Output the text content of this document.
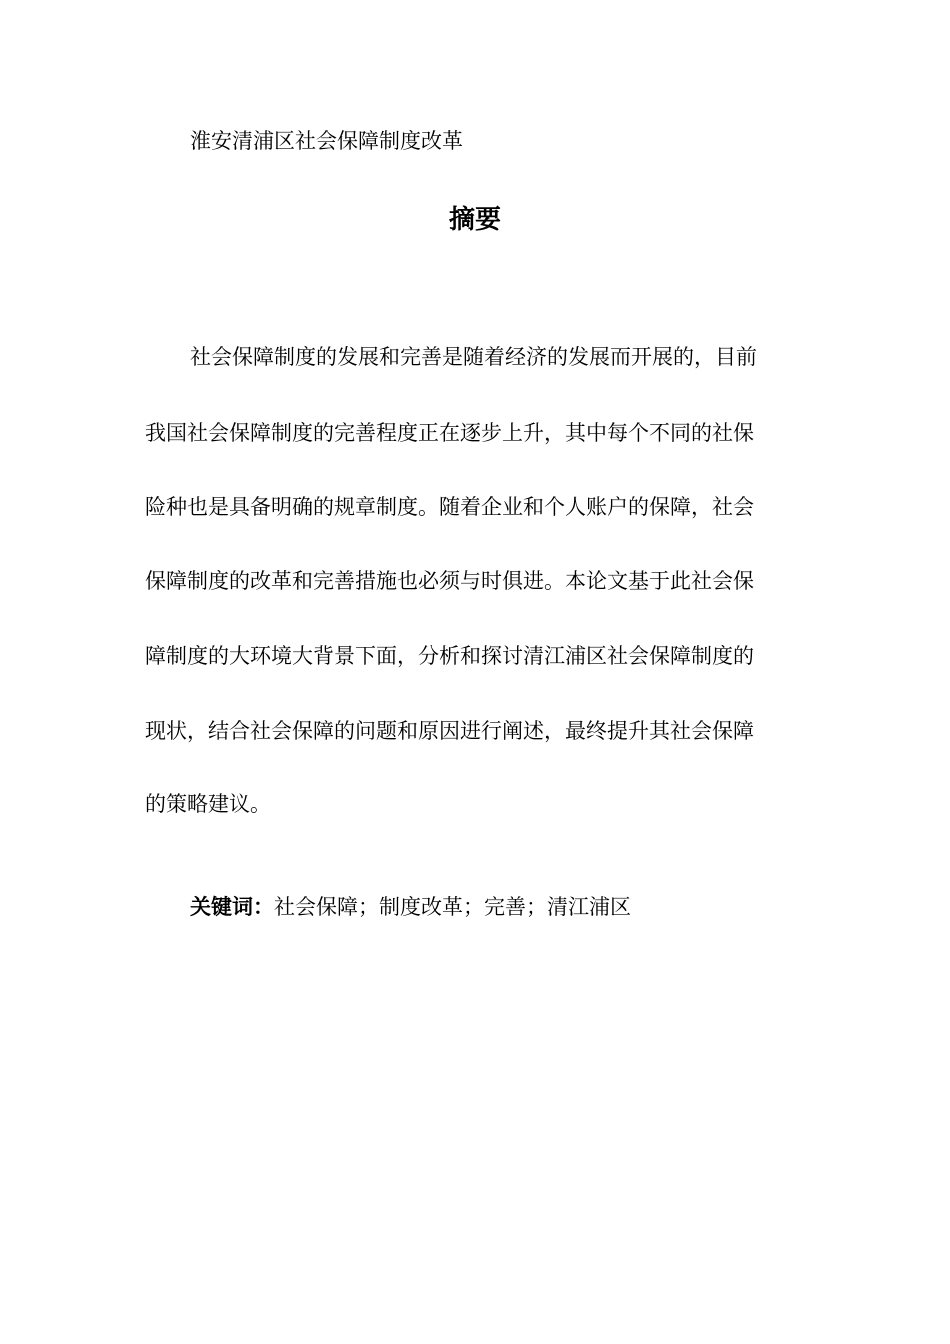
淮安清浦区社会保障制度改革
摘要
社会保障制度的发展和完善是随着经济的发展而开展的，目前
我国社会保障制度的完善程度正在逐步上升，其中每个不同的社保
险种也是具备明确的规章制度。随着企业和个人账户的保障，社会
保障制度的改革和完善措施也必须与时俱进。本论文基于此社会保
障制度的大环境大背景下面，分析和探讨清江浦区社会保障制度的
现状，结合社会保障的问题和原因进行阐述，最终提升其社会保障
的策略建议。
关键词：社会保障；制度改革；完善；清江浦区
